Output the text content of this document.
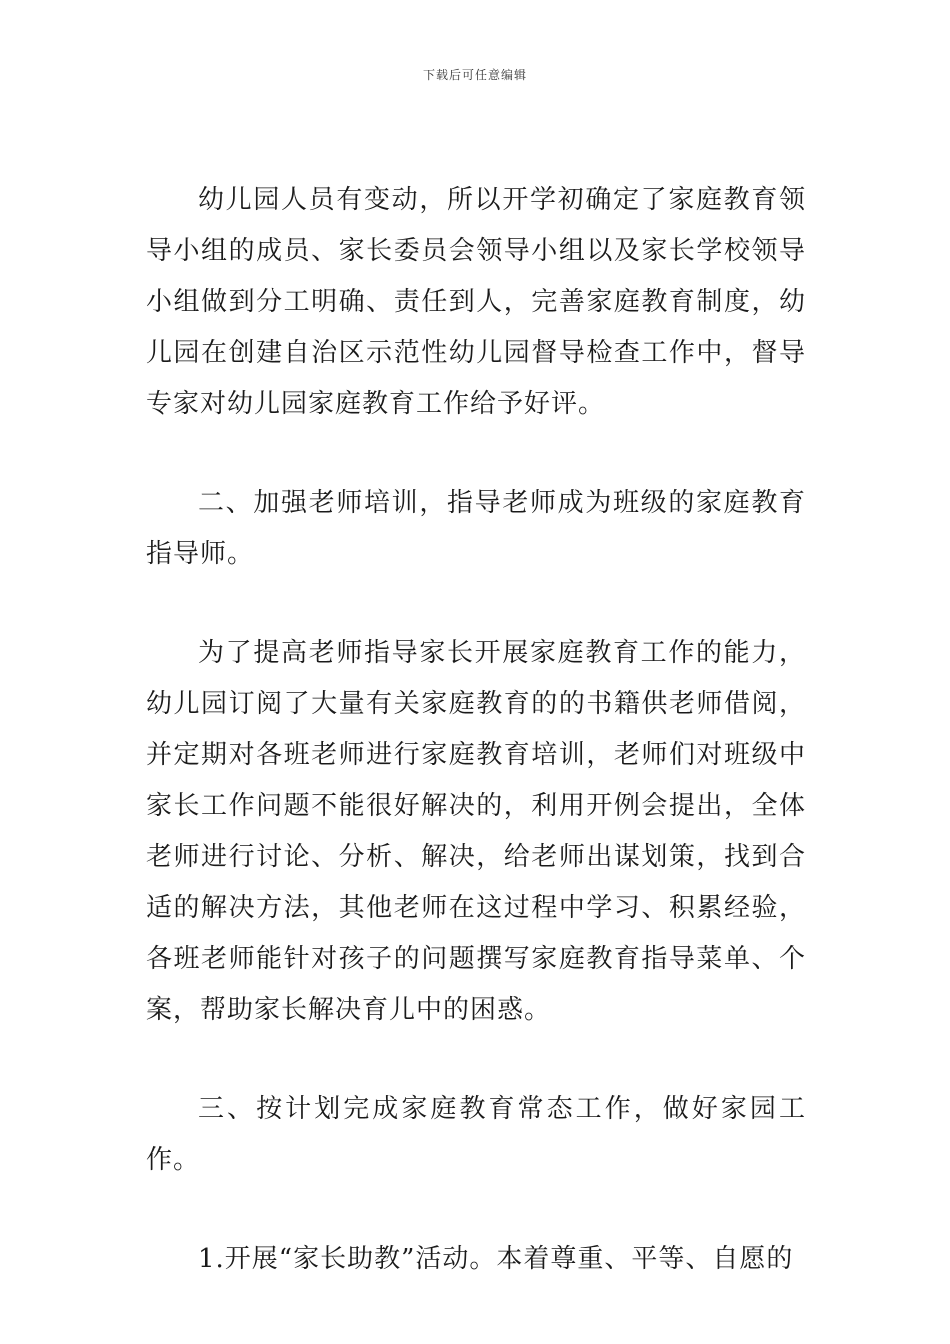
下载后可任意编辑

幼儿园人员有变动，所以开学初确定了家庭教育领导小组的成员、家长委员会领导小组以及家长学校领导小组做到分工明确、责任到人，完善家庭教育制度，幼儿园在创建自治区示范性幼儿园督导检查工作中，督导专家对幼儿园家庭教育工作给予好评。

二、加强老师培训，指导老师成为班级的家庭教育指导师。

为了提高老师指导家长开展家庭教育工作的能力，幼儿园订阅了大量有关家庭教育的的书籍供老师借阅，并定期对各班老师进行家庭教育培训，老师们对班级中家长工作问题不能很好解决的，利用开例会提出，全体老师进行讨论、分析、解决，给老师出谋划策，找到合适的解决方法，其他老师在这过程中学习、积累经验，各班老师能针对孩子的问题撰写家庭教育指导菜单、个案，帮助家长解决育儿中的困惑。

三、按计划完成家庭教育常态工作，做好家园工作。

1.开展“家长助教”活动。本着尊重、平等、自愿的
